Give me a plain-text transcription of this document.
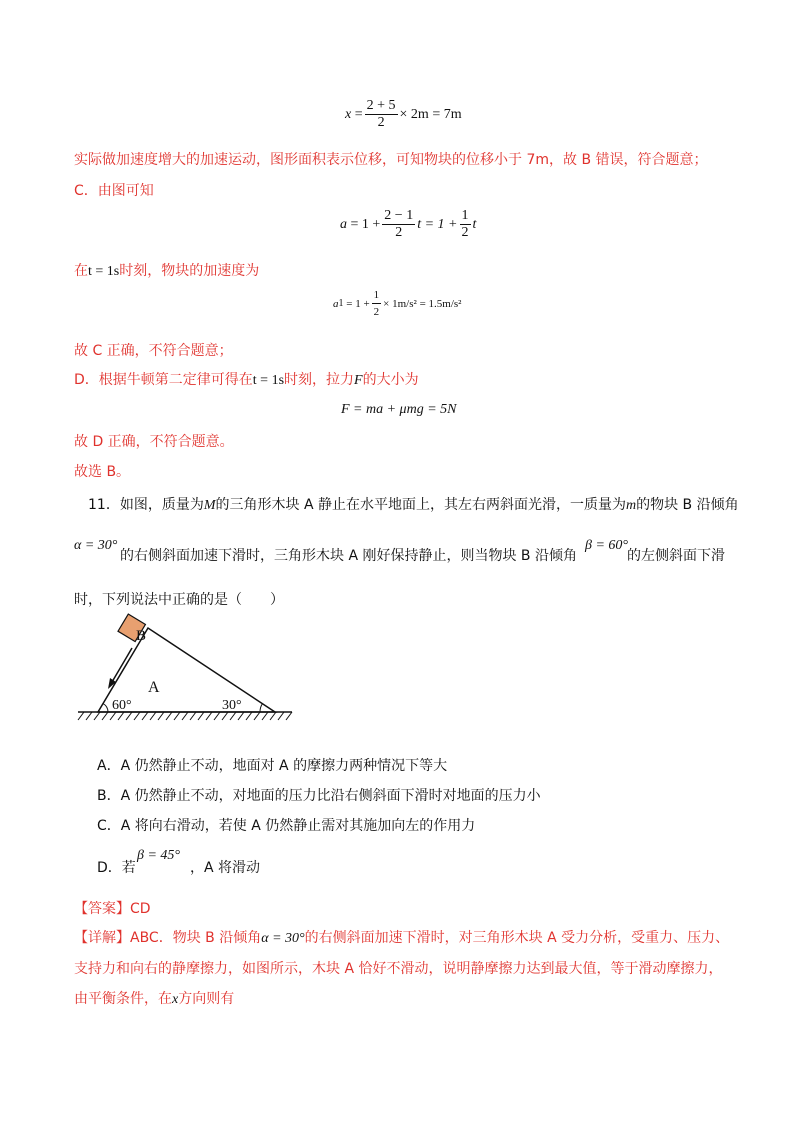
x
= $\frac{2 + 5}{2} \times 2m = 7m$
实际做加速度增大的加速运动，图形面积表示位移，可知物块的位移小于 7m，故 B 错误，符合题意；
C．由图可知
a
= $1 + \frac{2 - 1}{2}$ $t = 1 + \frac{1}{2}$ t
在t = 1s时刻，物块的加速度为
a 1
= $1 + \frac{1}{2} \times 1m/s^2 = 1.5m/s^2$
故 C 正确，不符合题意；
D．根据牛顿第二定律可得在t = 1s时刻，拉力F的大小为
F = ma + μmg = 5N
故 D 正确，不符合题意。
故选 B。
11．如图，质量为M的三角形木块 A 静止在水平地面上，其左右两斜面光滑，一质量为m的物块 B 沿倾角
α = 30°
的右侧斜面加速下滑时，三角形木块 A 刚好保持静止，则当物块 B 沿倾角
β = 60°
的左侧斜面下滑
时，下列说法中正确的是（　　）
B
A
60°	30°
A．A 仍然静止不动，地面对 A 的摩擦力两种情况下等大
B．A 仍然静止不动，对地面的压力比沿右侧斜面下滑时对地面的压力小
C．A 将向右滑动，若使 A 仍然静止需对其施加向左的作用力
D．若
β = 45°
，A 将滑动
【答案】CD
【详解】ABC．物块 B 沿倾角α = 30°的右侧斜面加速下滑时，对三角形木块 A 受力分析，受重力、压力、
支持力和向右的静摩擦力，如图所示，木块 A 恰好不滑动，说明静摩擦力达到最大值，等于滑动摩擦力，
由平衡条件，在x方向则有
